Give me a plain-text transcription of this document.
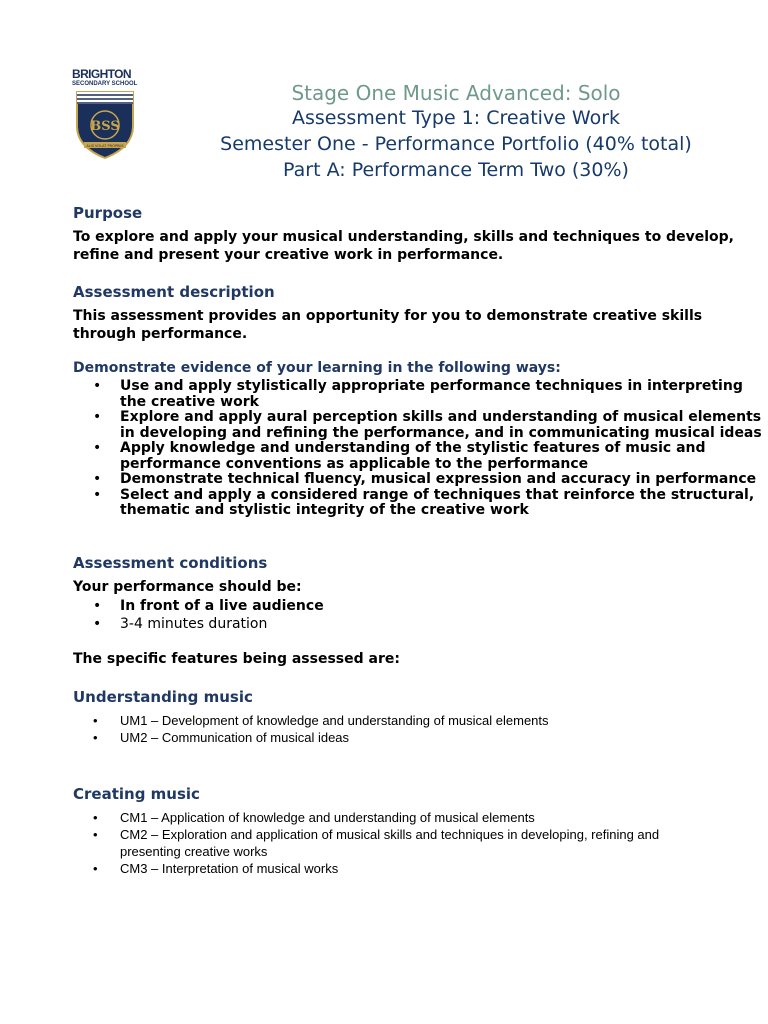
BRIGHTON
SECONDARY SCHOOL
BSS
ALIS VOLAT PROPRIIS
Stage One Music Advanced: Solo
Assessment Type 1: Creative Work
Semester One - Performance Portfolio (40% total)
Part A: Performance Term Two (30%)
Purpose
To explore and apply your musical understanding, skills and techniques to develop, refine and present your creative work in performance.
Assessment description
This assessment provides an opportunity for you to demonstrate creative skills through performance.
Demonstrate evidence of your learning in the following ways:
• Use and apply stylistically appropriate performance techniques in interpreting the creative work
• Explore and apply aural perception skills and understanding of musical elements in developing and refining the performance, and in communicating musical ideas
• Apply knowledge and understanding of the stylistic features of music and performance conventions as applicable to the performance
• Demonstrate technical fluency, musical expression and accuracy in performance
• Select and apply a considered range of techniques that reinforce the structural, thematic and stylistic integrity of the creative work
Assessment conditions
Your performance should be:
• In front of a live audience
• 3-4 minutes duration
The specific features being assessed are:
Understanding music
• UM1 – Development of knowledge and understanding of musical elements
• UM2 – Communication of musical ideas
Creating music
• CM1 – Application of knowledge and understanding of musical elements
• CM2 – Exploration and application of musical skills and techniques in developing, refining and presenting creative works
• CM3 – Interpretation of musical works
